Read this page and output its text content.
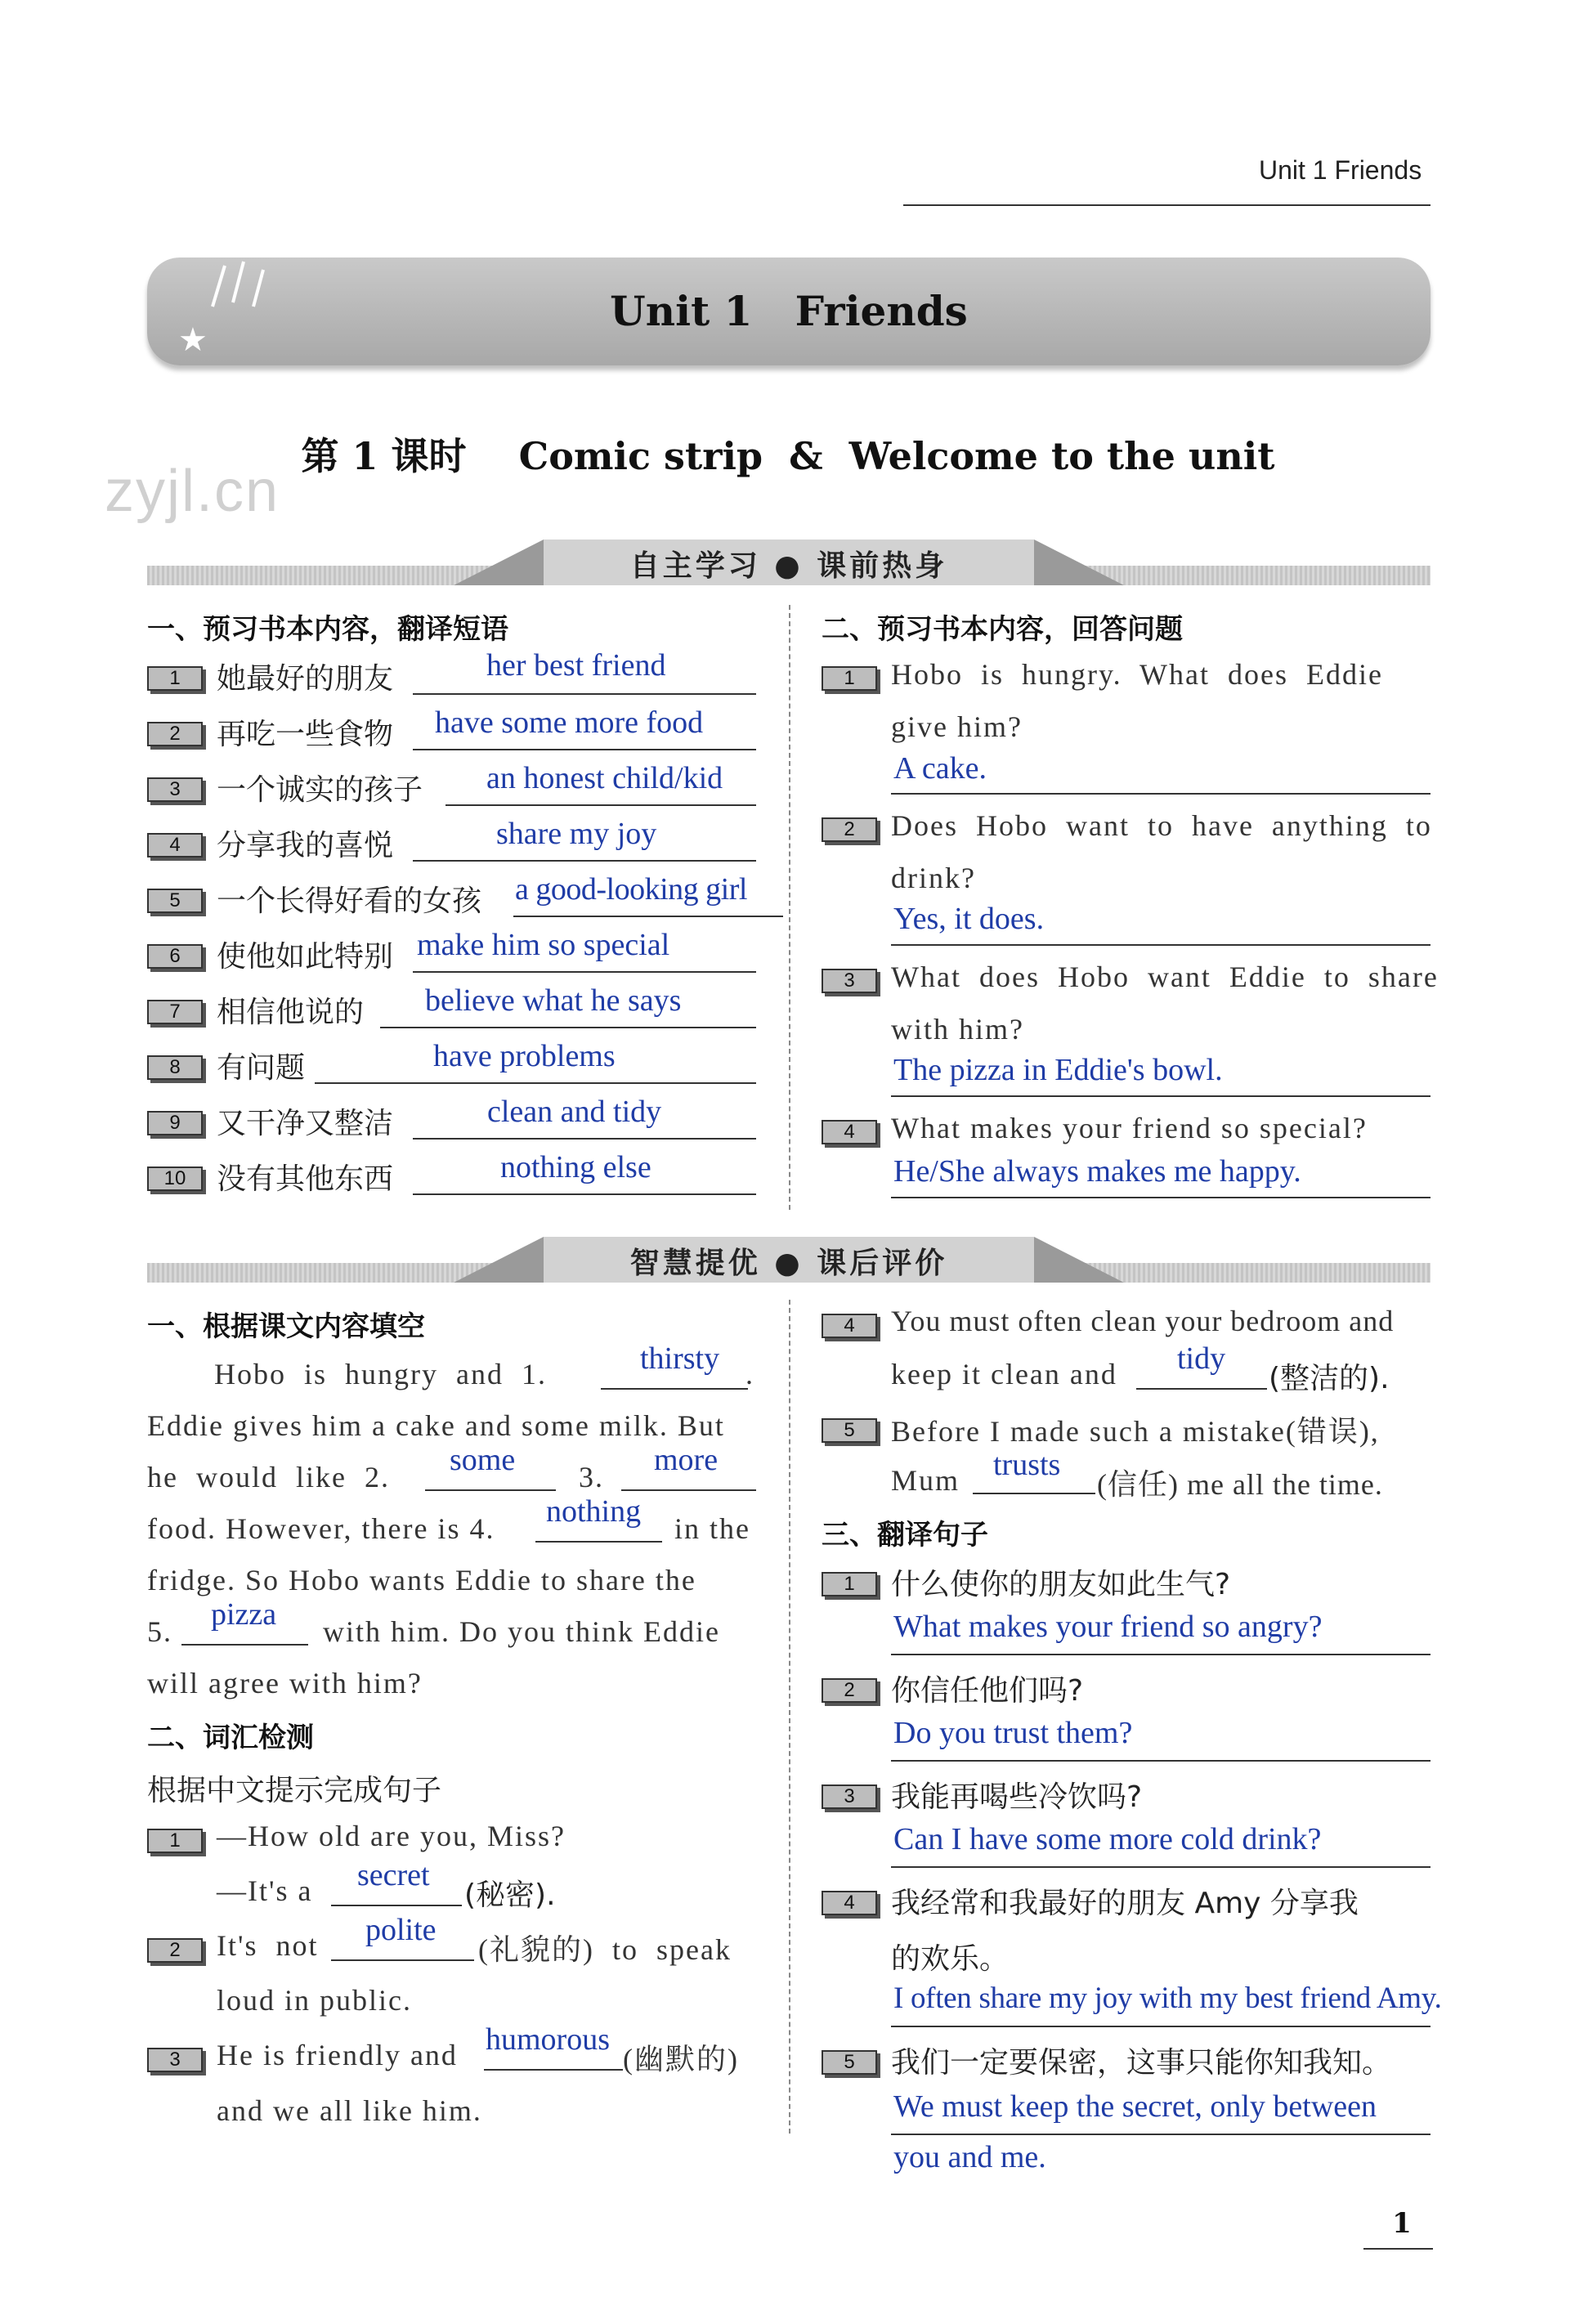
Unit 1 Friends
★
Unit 1   Friends
第 1 课时    Comic strip  &  Welcome to the unit
zyjl.cn
自主学习 ● 课前热身
一、预习书本内容，翻译短语
1	她最好的朋友	her best friend
2	再吃一些食物 have some more food
3	一个诚实的孩子 an honest child/kid
4	分享我的喜悦	share my joy
5	一个长得好看的女孩 a good-looking girl
6	使他如此特别 make him so special
7	相信他说的 believe what he says
8	有问题	have problems
9	又干净又整洁	clean and tidy
10	没有其他东西	nothing else
二、预习书本内容，回答问题
1	Hobo  is  hungry.  What  does  Eddie
give him?
A cake.
2	Does  Hobo  want  to  have  anything  to
drink?
Yes, it does.
3	What  does  Hobo  want  Eddie  to  share
with him?
The pizza in Eddie's bowl.
4	What makes your friend so special?
He/She always makes me happy.
智慧提优 ● 课后评价
一、根据课文内容填空
Hobo  is  hungry  and  1.	thirsty .
Eddie gives him a cake and some milk. But
he  would  like  2. some 3. more
food. However, there is 4. nothing in the
fridge. So Hobo wants Eddie to share the
5. pizza with him. Do you think Eddie
will agree with him?
二、词汇检测
根据中文提示完成句子
1	—How old are you, Miss?
—It's a secret
(秘密).
2	It's  not polite
(礼貌的)  to  speak
loud in public.
3	He is friendly and humorous
(幽默的)
and we all like him.
4	You must often clean your bedroom and
keep it clean and tidy
(整洁的).
5	Before I made such a mistake(错误),
Mum trusts
(信任) me all the time.
三、翻译句子
1	什么使你的朋友如此生气?
What makes your friend so angry?
2	你信任他们吗?
Do you trust them?
3	我能再喝些冷饮吗?
Can I have some more cold drink?
4	我经常和我最好的朋友 Amy 分享我
的欢乐。
I often share my joy with my best friend Amy.
5	我们一定要保密，这事只能你知我知。
We must keep the secret, only between
you and me.
1
